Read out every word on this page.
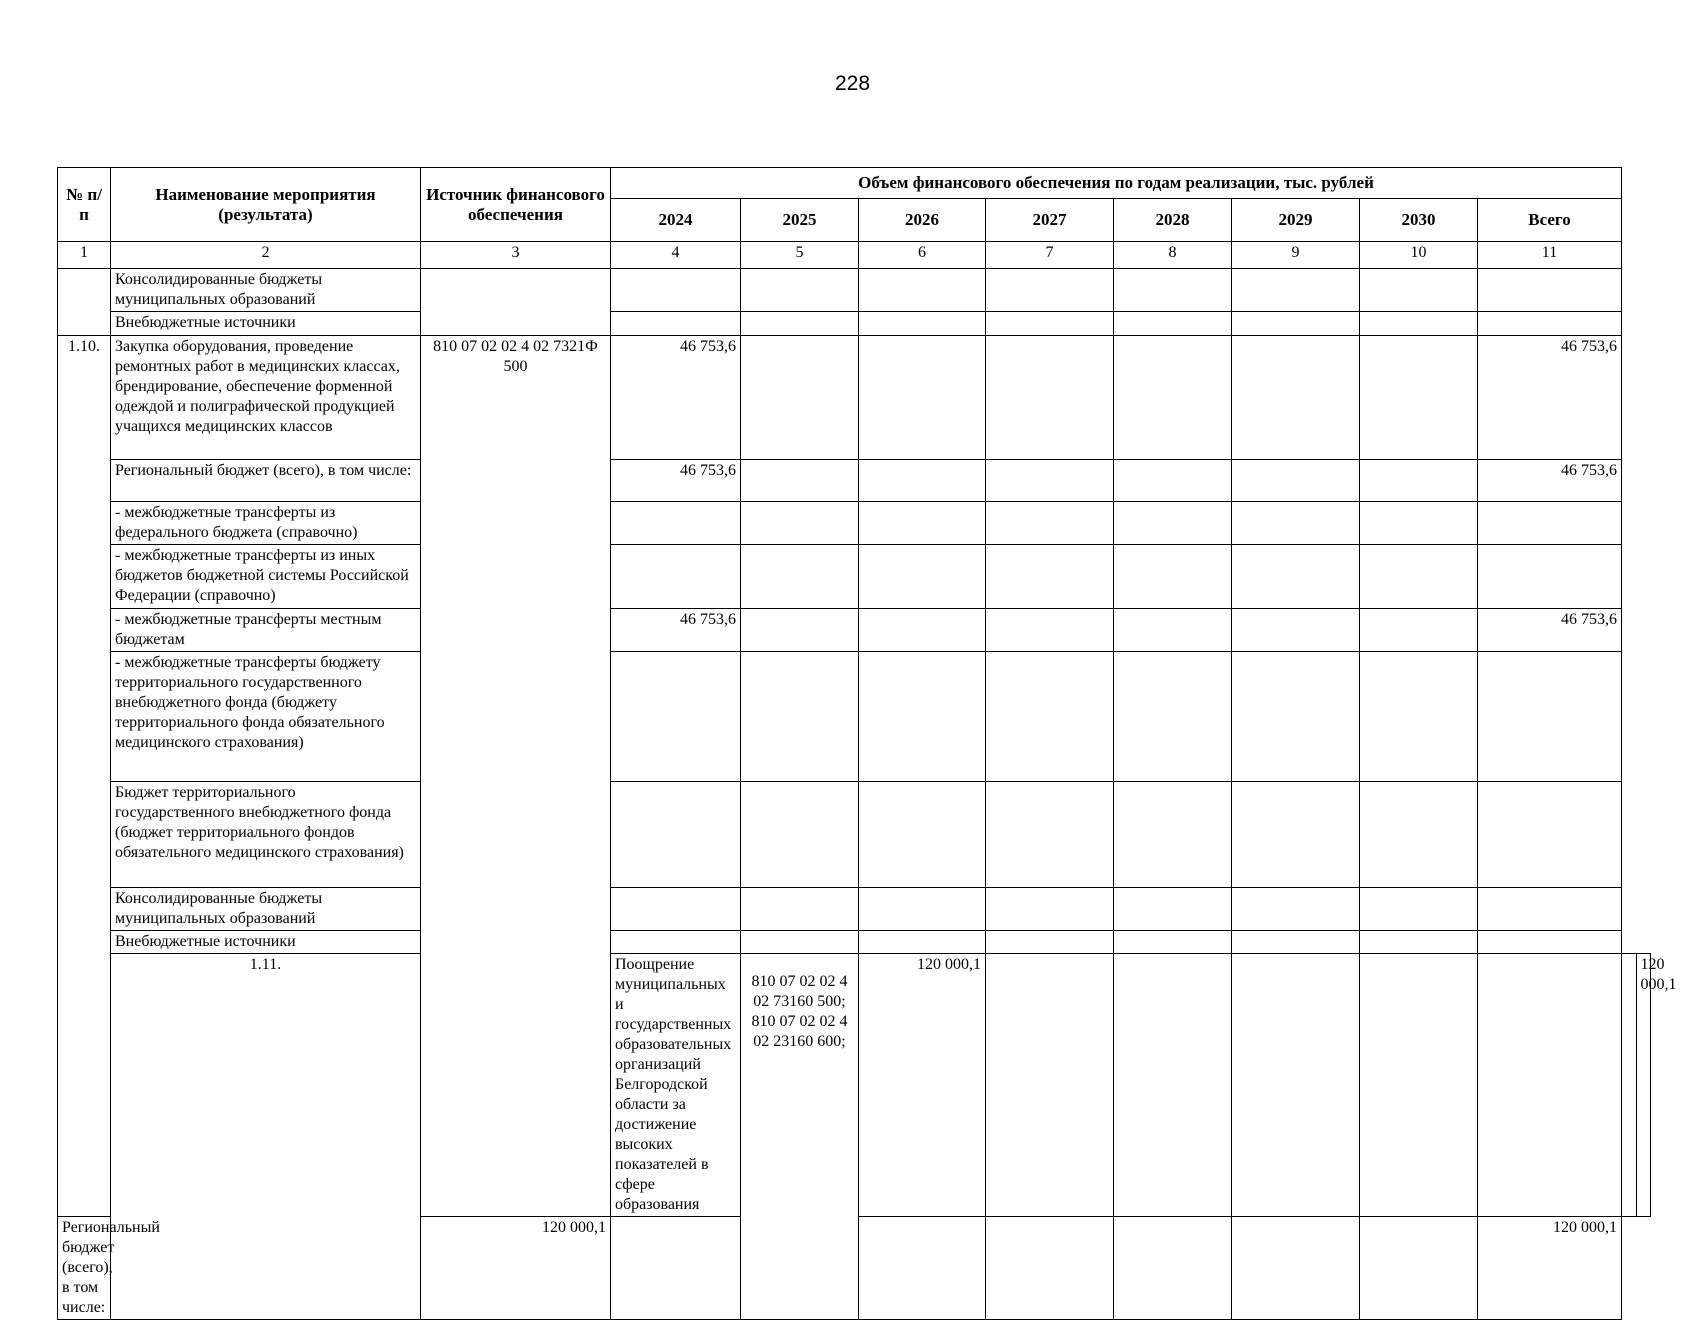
228
№ п/п	Наименование мероприятия (результата)	Источник финансового обеспечения	Объем финансового обеспечения по годам реализации, тыс. рублей									
			2024	2025	2026	2027	2028	2029	2030	Всего		
1	2	3	4	5	6	7	8	9	10	11		
	Консолидированные бюджеты муниципальных образований											
	Внебюджетные источники											
1.10.	Закупка оборудования, проведение ремонтных работ в медицинских классах, брендирование, обеспечение форменной одеждой и полиграфической продукцией учащихся медицинских классов	810 07 02 02 4 02 7321Ф 500	46 753,6							46 753,6		
	Региональный бюджет (всего), в том числе:		46 753,6							46 753,6		
	- межбюджетные трансферты из федерального бюджета (справочно)											
	- межбюджетные трансферты из иных бюджетов бюджетной системы Российской Федерации (справочно)											
	- межбюджетные трансферты местным бюджетам		46 753,6							46 753,6		
	- межбюджетные трансферты бюджету территориального государственного внебюджетного фонда (бюджету территориального фонда обязательного медицинского страхования)											
	Бюджет территориального государственного внебюджетного фонда (бюджет территориального фондов обязательного медицинского страхования)											
	Консолидированные бюджеты муниципальных образований											
	Внебюджетные источники											
	1.11.		Поощрение муниципальных и государственных образовательных организаций Белгородской области за достижение высоких показателей в сфере образования	810 07 02 02 4 02 73160 500; 810 07 02 02 4 02 23160 600;	120 000,1							120 000,1
Региональный бюджет (всего), в том числе:		120 000,1								120 000,1		
